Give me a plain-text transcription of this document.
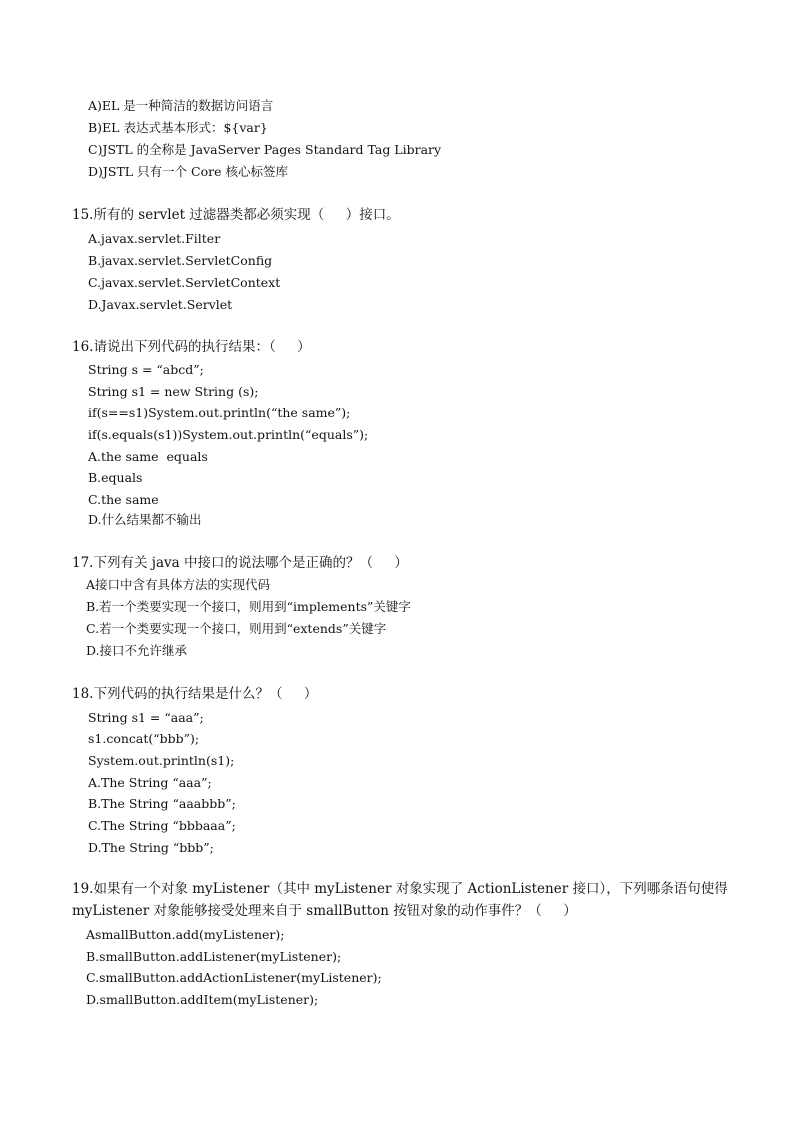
A)EL 是一种简洁的数据访问语言
B)EL 表达式基本形式：${var}
C)JSTL 的全称是 JavaServer Pages Standard Tag Library
D)JSTL 只有一个 Core 核心标签库
15.所有的 servlet 过滤器类都必须实现（     ）接口。
A.javax.servlet.Filter
B.javax.servlet.ServletConfig
C.javax.servlet.ServletContext
D.Javax.servlet.Servlet
16.请说出下列代码的执行结果：（     ）
String s = “abcd”;
String s1 = new String (s);
if(s==s1)System.out.println(“the same”);
if(s.equals(s1))System.out.println(“equals”);
A.the same  equals
B.equals
C.the same
D.什么结果都不输出
17.下列有关 java 中接口的说法哪个是正确的？（     ）
A接口中含有具体方法的实现代码
B.若一个类要实现一个接口，则用到“implements”关键字
C.若一个类要实现一个接口，则用到“extends”关键字
D.接口不允许继承
18.下列代码的执行结果是什么？（     ）
String s1 = “aaa”;
s1.concat(“bbb”);
System.out.println(s1);
A.The String “aaa”;
B.The String “aaabbb”;
C.The String “bbbaaa”;
D.The String “bbb”;
19.如果有一个对象 myListener（其中 myListener 对象实现了 ActionListener 接口），下列哪条语句使得
myListener 对象能够接受处理来自于 smallButton 按钮对象的动作事件？（     ）
AsmallButton.add(myListener);
B.smallButton.addListener(myListener);
C.smallButton.addActionListener(myListener);
D.smallButton.addItem(myListener);
